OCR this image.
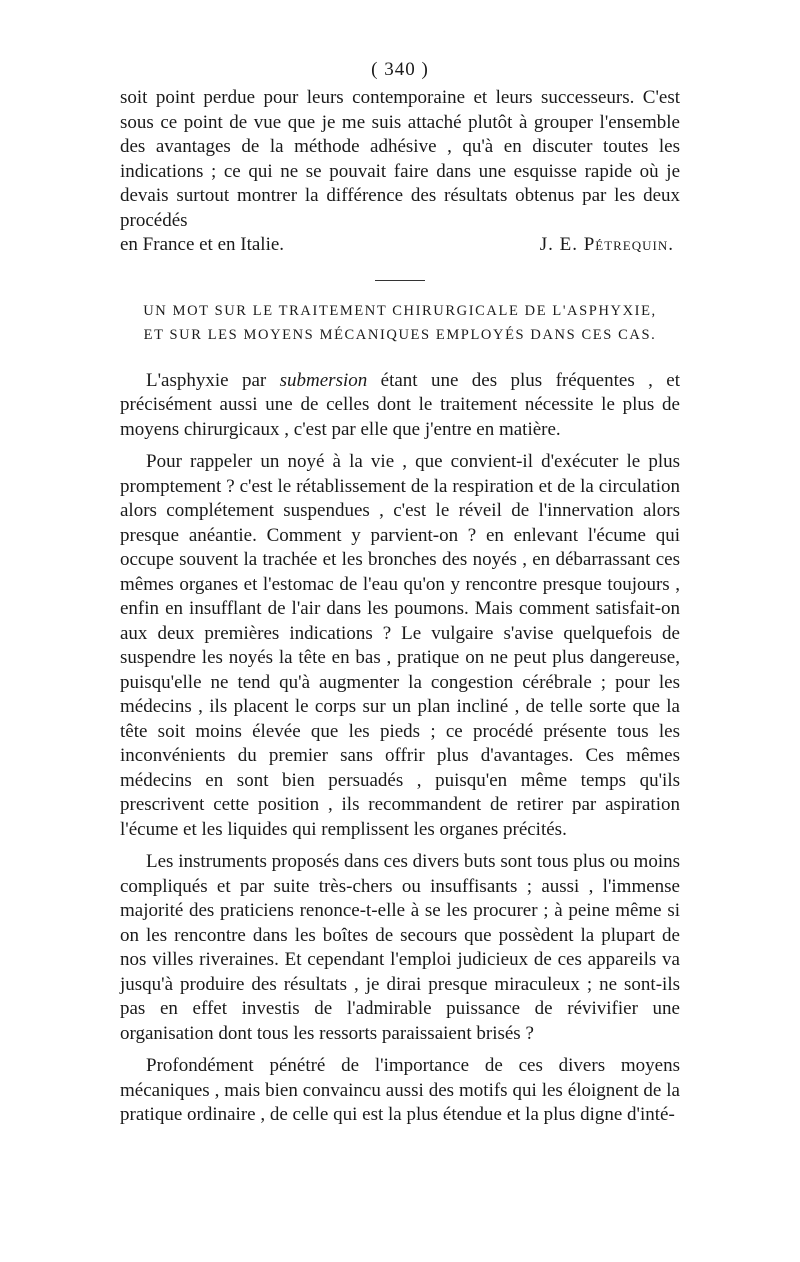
( 340 )

soit point perdue pour leurs contemporaine et leurs successeurs. C'est sous ce point de vue que je me suis attaché plutôt à grouper l'ensemble des avantages de la méthode adhésive , qu'à en discuter toutes les indications ; ce qui ne se pouvait faire dans une esquisse rapide où je devais surtout montrer la différence des résultats obtenus par les deux procédés

en France et en Italie.	J. E. Pétrequin.
UN MOT SUR LE TRAITEMENT CHIRURGICALE DE L'ASPHYXIE,
ET SUR LES MOYENS MÉCANIQUES EMPLOYÉS DANS CES CAS.

L'asphyxie par submersion étant une des plus fréquentes , et précisément aussi une de celles dont le traitement nécessite le plus de moyens chirurgicaux , c'est par elle que j'entre en matière.

Pour rappeler un noyé à la vie , que convient-il d'exécuter le plus promptement ? c'est le rétablissement de la respiration et de la circulation alors complétement suspendues , c'est le réveil de l'innervation alors presque anéantie. Comment y parvient-on ? en enlevant l'écume qui occupe souvent la trachée et les bronches des noyés , en débarrassant ces mêmes organes et l'estomac de l'eau qu'on y rencontre presque toujours , enfin en insufflant de l'air dans les poumons. Mais comment satisfait-on aux deux premières indications ? Le vulgaire s'avise quelquefois de suspendre les noyés la tête en bas , pratique on ne peut plus dangereuse, puisqu'elle ne tend qu'à augmenter la congestion cérébrale ; pour les médecins , ils placent le corps sur un plan incliné , de telle sorte que la tête soit moins élevée que les pieds ; ce procédé présente tous les inconvénients du premier sans offrir plus d'avantages. Ces mêmes médecins en sont bien persuadés , puisqu'en même temps qu'ils prescrivent cette position , ils recommandent de retirer par aspiration l'écume et les liquides qui remplissent les organes précités.

Les instruments proposés dans ces divers buts sont tous plus ou moins compliqués et par suite très-chers ou insuffisants ; aussi , l'immense majorité des praticiens renonce-t-elle à se les procurer ; à peine même si on les rencontre dans les boîtes de secours que possèdent la plupart de nos villes riveraines. Et cependant l'emploi judicieux de ces appareils va jusqu'à produire des résultats , je dirai presque miraculeux ; ne sont-ils pas en effet investis de l'admirable puissance de révivifier une organisation dont tous les ressorts paraissaient brisés ?

Profondément pénétré de l'importance de ces divers moyens mécaniques , mais bien convaincu aussi des motifs qui les éloignent de la pratique ordinaire , de celle qui est la plus étendue et la plus digne d'inté-
